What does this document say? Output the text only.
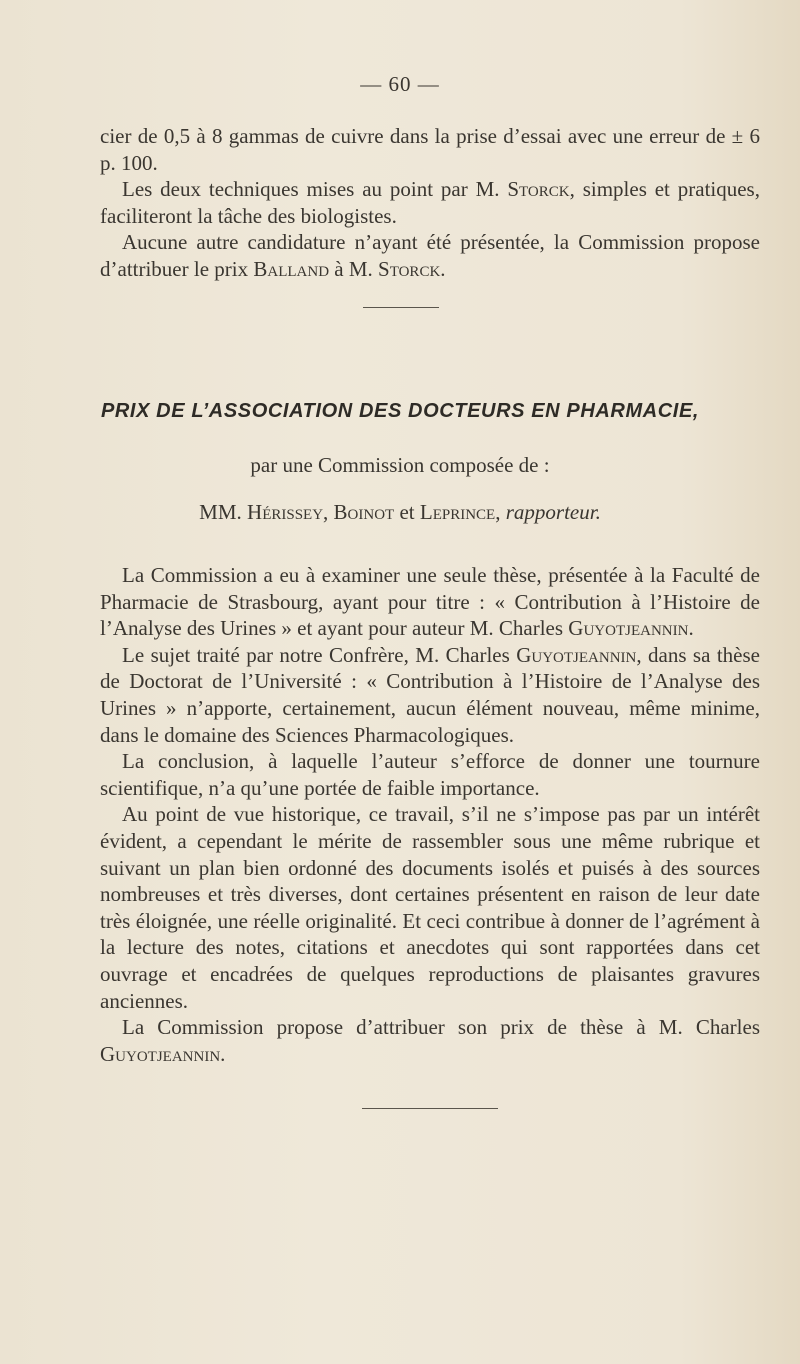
— 60 —

cier de 0,5 à 8 gammas de cuivre dans la prise d’essai avec une erreur de ± 6 p. 100.

Les deux techniques mises au point par M. Storck, simples et pratiques, faciliteront la tâche des biologistes.

Aucune autre candidature n’ayant été présentée, la Commission propose d’attribuer le prix Balland à M. Storck.

PRIX DE L’ASSOCIATION DES DOCTEURS EN PHARMACIE,
par une Commission composée de :
MM. Hérissey, Boinot et Leprince, rapporteur.

La Commission a eu à examiner une seule thèse, présentée à la Faculté de Pharmacie de Strasbourg, ayant pour titre : « Contribution à l’Histoire de l’Analyse des Urines » et ayant pour auteur M. Charles Guyotjeannin.

Le sujet traité par notre Confrère, M. Charles Guyotjeannin, dans sa thèse de Doctorat de l’Université : « Contribution à l’Histoire de l’Analyse des Urines » n’apporte, certainement, aucun élément nouveau, même minime, dans le domaine des Sciences Pharmacologiques.

La conclusion, à laquelle l’auteur s’efforce de donner une tournure scientifique, n’a qu’une portée de faible importance.

Au point de vue historique, ce travail, s’il ne s’impose pas par un intérêt évident, a cependant le mérite de rassembler sous une même rubrique et suivant un plan bien ordonné des documents isolés et puisés à des sources nombreuses et très diverses, dont certaines présentent en raison de leur date très éloignée, une réelle originalité. Et ceci contribue à donner de l’agrément à la lecture des notes, citations et anecdotes qui sont rapportées dans cet ouvrage et encadrées de quelques reproductions de plaisantes gravures anciennes.

La Commission propose d’attribuer son prix de thèse à M. Charles Guyotjeannin.
